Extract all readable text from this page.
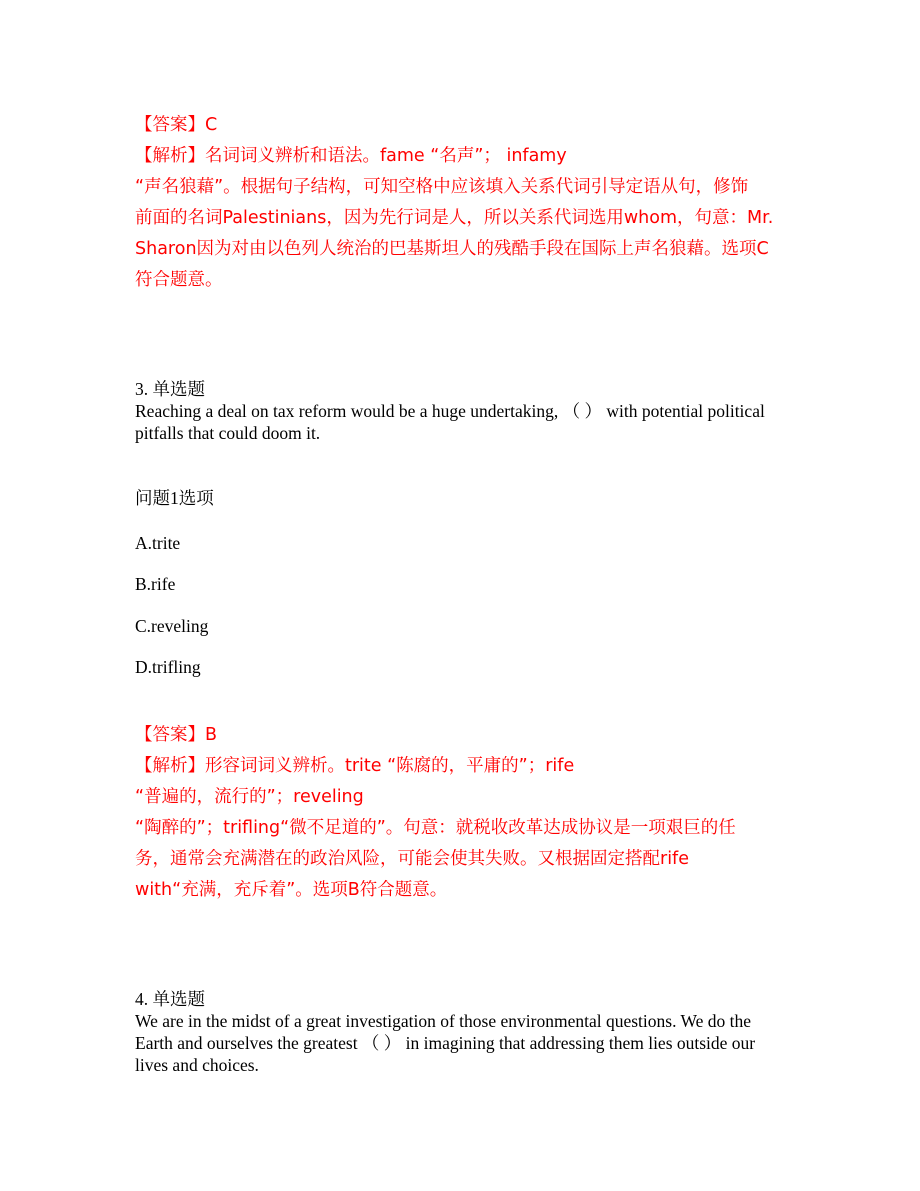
【答案】C

【解析】名词词义辨析和语法。fame “名声”； infamy

“声名狼藉”。根据句子结构，可知空格中应该填入关系代词引导定语从句，修饰

前面的名词Palestinians，因为先行词是人，所以关系代词选用whom，句意：Mr.

Sharon因为对由以色列人统治的巴基斯坦人的残酷手段在国际上声名狼藉。选项C

符合题意。

3. 单选题

Reaching a deal on tax reform would be a huge undertaking, （ ） with potential political

pitfalls that could doom it.

问题1选项

A.trite

B.rife

C.reveling

D.trifling

【答案】B

【解析】形容词词义辨析。trite “陈腐的，平庸的”；rife

“普遍的，流行的”；reveling

“陶醉的”；trifling“微不足道的”。句意：就税收改革达成协议是一项艰巨的任

务，通常会充满潜在的政治风险，可能会使其失败。又根据固定搭配rife

with“充满，充斥着”。选项B符合题意。

4. 单选题

We are in the midst of a great investigation of those environmental questions. We do the

Earth and ourselves the greatest （ ） in imagining that addressing them lies outside our

lives and choices.
